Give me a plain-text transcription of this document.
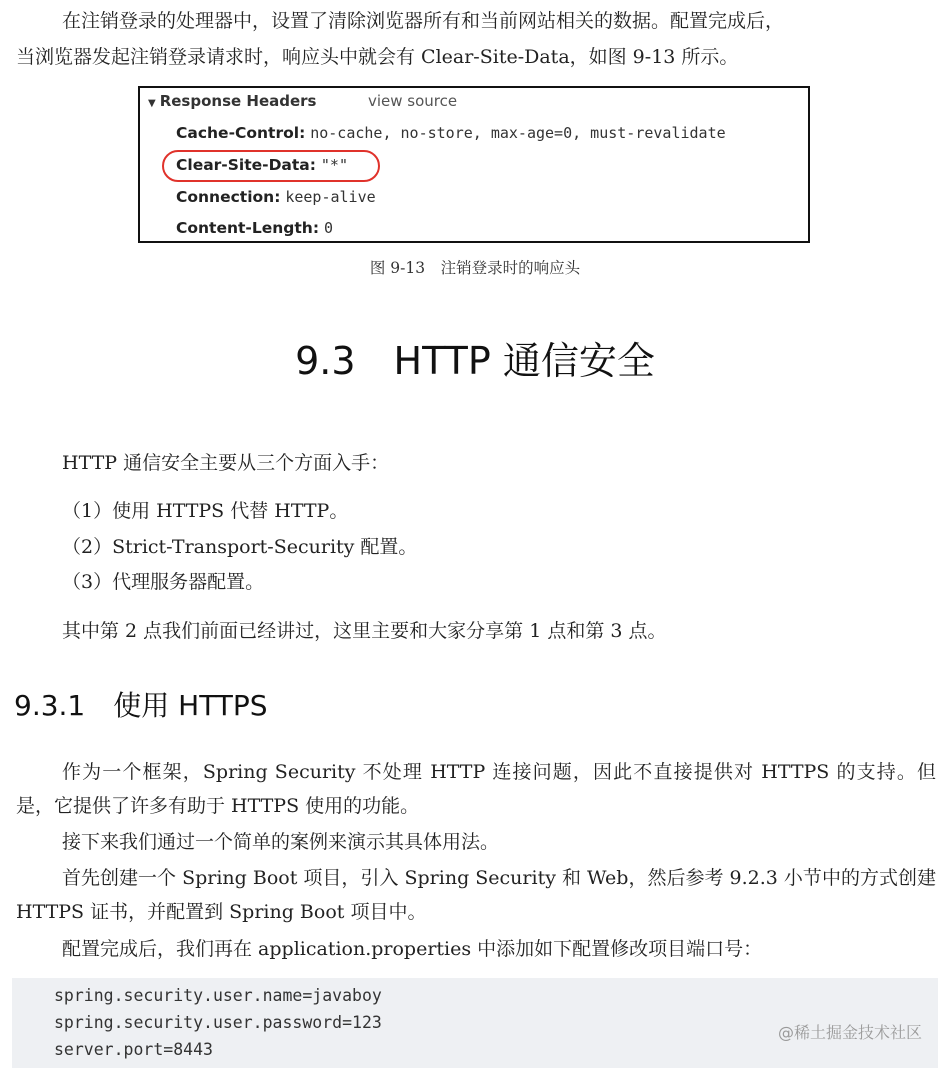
在注销登录的处理器中，设置了清除浏览器所有和当前网站相关的数据。配置完成后，

当浏览器发起注销登录请求时，响应头中就会有 Clear-Site-Data，如图 9-13 所示。

▼ Response Headers	view source
Cache-Control: no-cache, no-store, max-age=0, must-revalidate
Clear-Site-Data: "*"
Connection: keep-alive
Content-Length: 0
图 9-13　注销登录时的响应头
9.3　HTTP 通信安全

HTTP 通信安全主要从三个方面入手：

（1）使用 HTTPS 代替 HTTP。

（2）Strict-Transport-Security 配置。

（3）代理服务器配置。

其中第 2 点我们前面已经讲过，这里主要和大家分享第 1 点和第 3 点。

9.3.1　使用 HTTPS

作为一个框架，Spring Security 不处理 HTTP 连接问题，因此不直接提供对 HTTPS 的支持。但是，它提供了许多有助于 HTTPS 使用的功能。

接下来我们通过一个简单的案例来演示其具体用法。

首先创建一个 Spring Boot 项目，引入 Spring Security 和 Web，然后参考 9.2.3 小节中的方式创建 HTTPS 证书，并配置到 Spring Boot 项目中。

配置完成后，我们再在 application.properties 中添加如下配置修改项目端口号：

spring.security.user.name=javaboy
spring.security.user.password=123
server.port=8443
@稀土掘金技术社区
